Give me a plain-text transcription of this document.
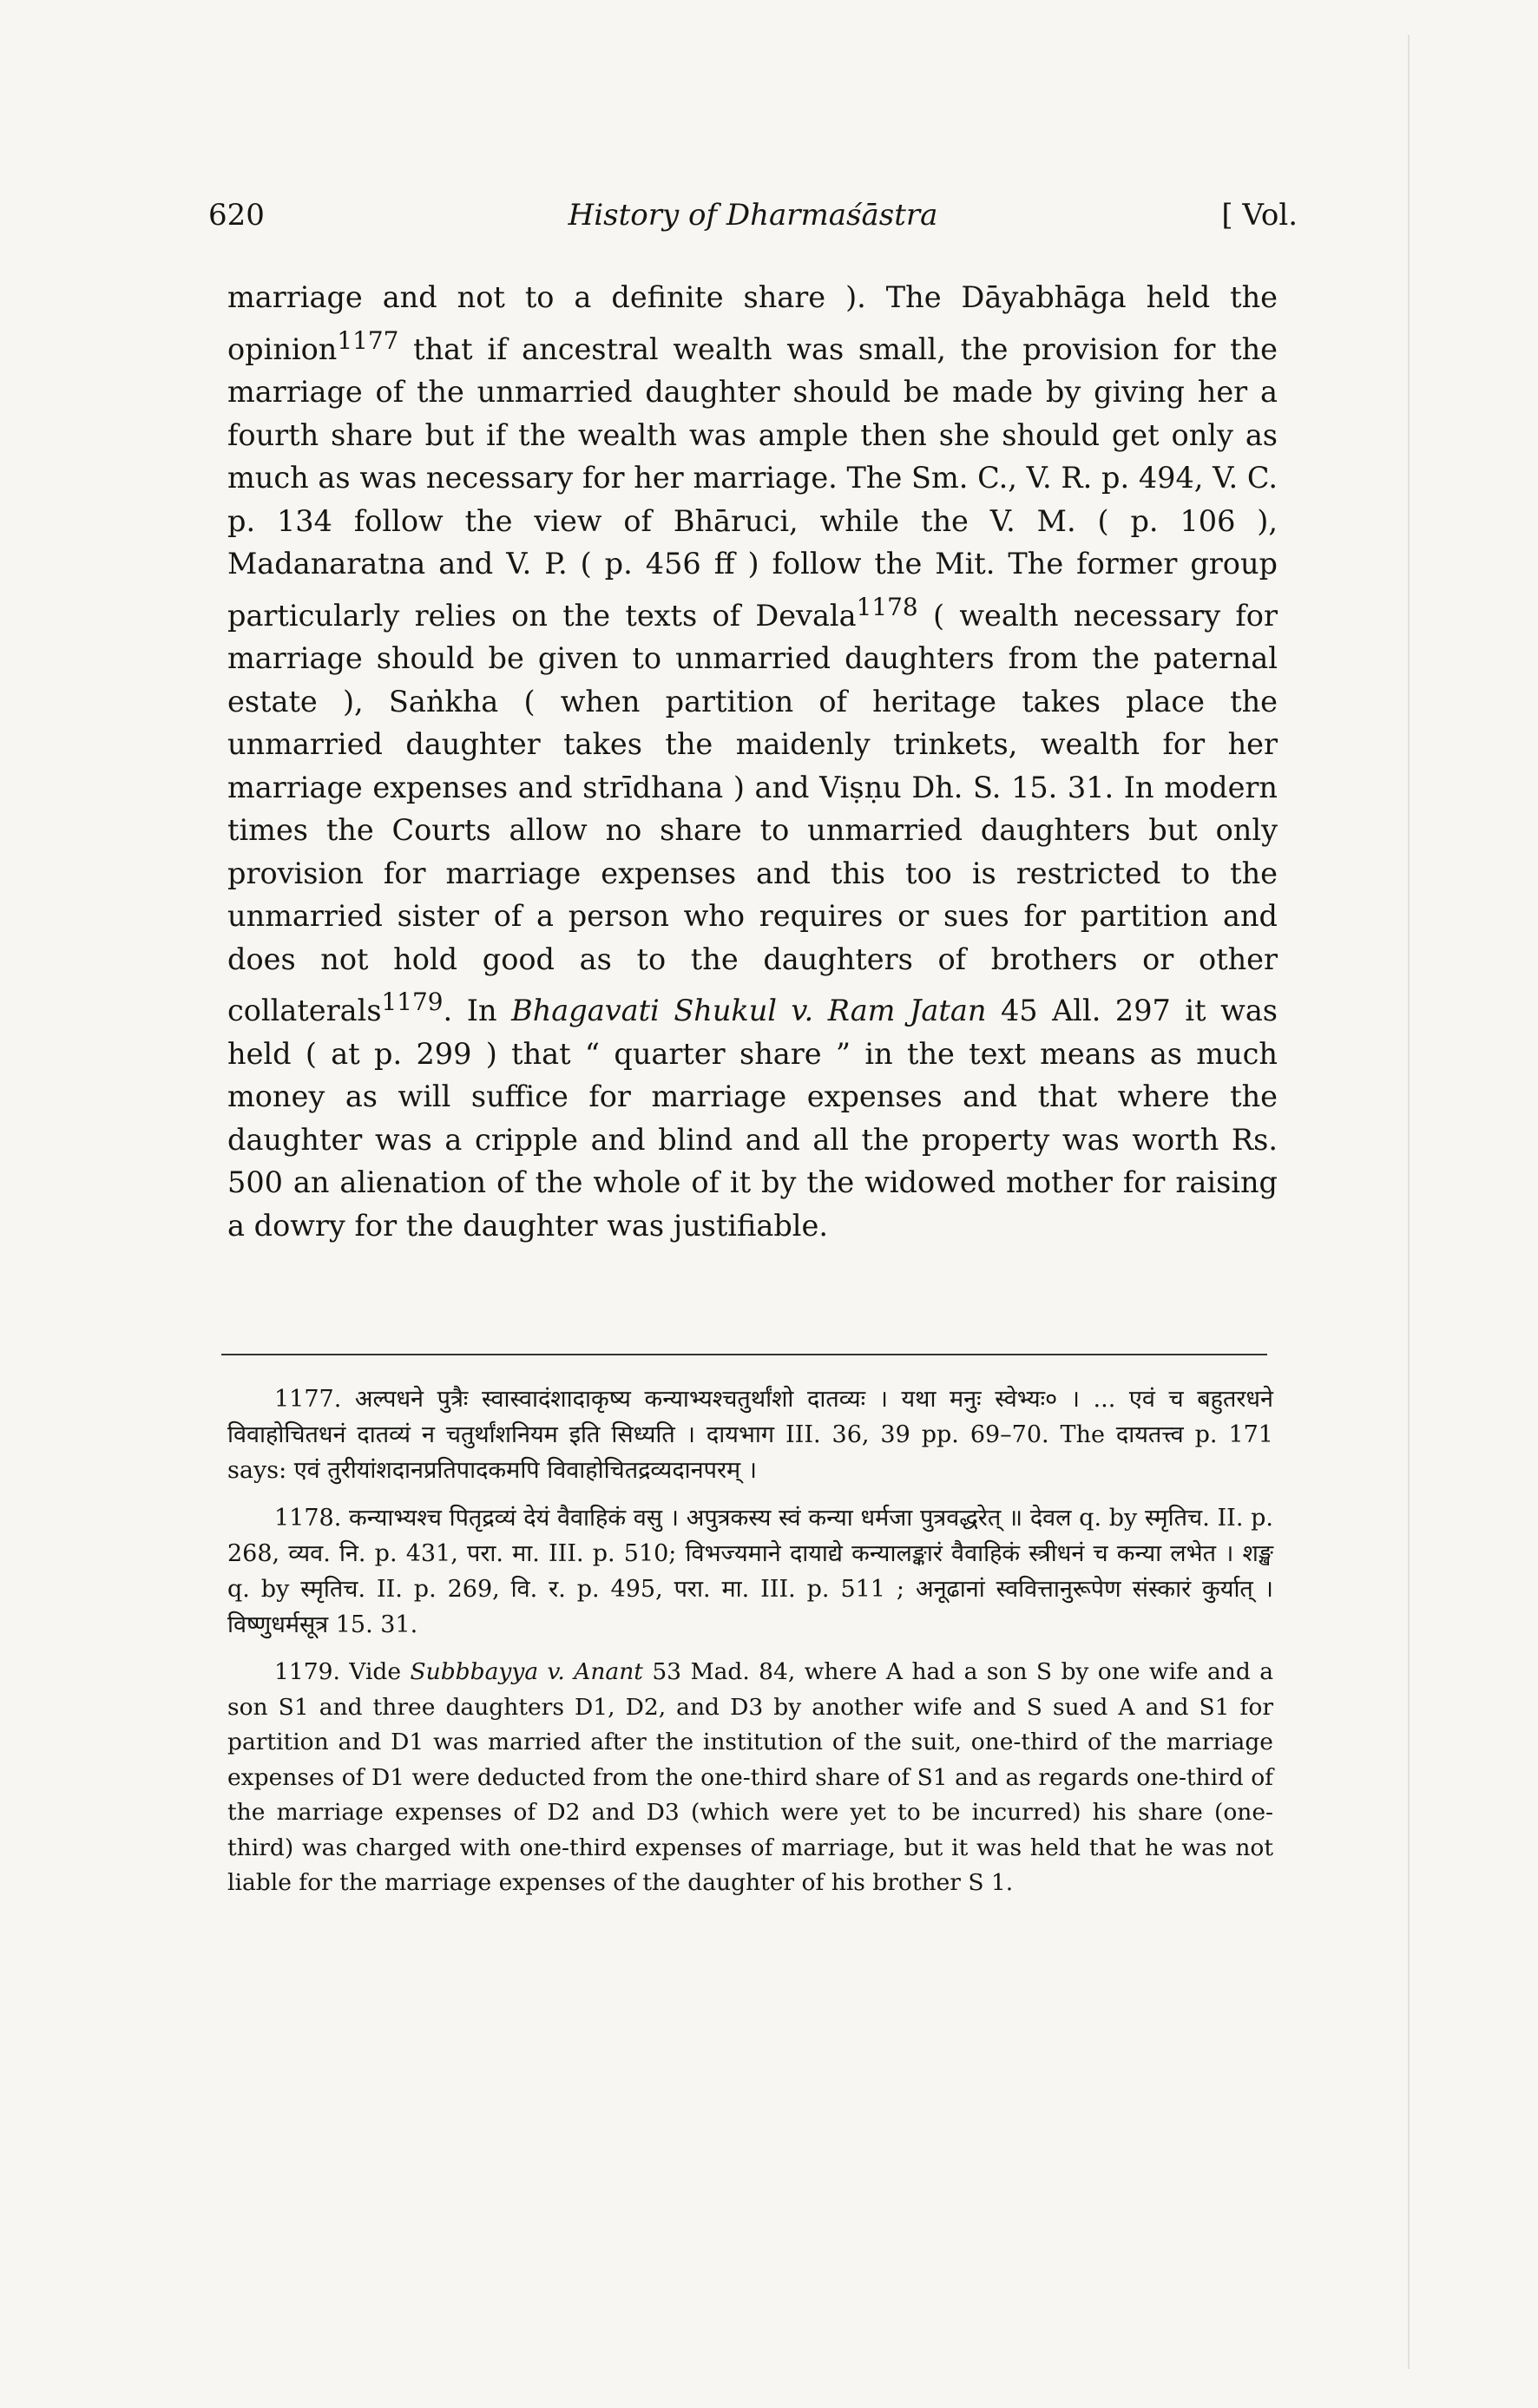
620	History of Dharmaśāstra	[ Vol.

marriage and not to a definite share ). The Dāyabhāga held the opinion$^{1177}$ that if ancestral wealth was small, the provision for the marriage of the unmarried daughter should be made by giving her a fourth share but if the wealth was ample then she should get only as much as was necessary for her marriage. The Sm. C., V. R. p. 494, V. C. p. 134 follow the view of Bhāruci, while the V. M. ( p. 106 ), Madanaratna and V. P. ( p. 456 ff ) follow the Mit. The former group particularly relies on the texts of Devala$^{1178}$ ( wealth necessary for marriage should be given to unmarried daughters from the paternal estate ), Saṅkha ( when partition of heritage takes place the unmarried daughter takes the maidenly trinkets, wealth for her marriage expenses and strīdhana ) and Viṣṇu Dh. S. 15. 31. In modern times the Courts allow no share to unmarried daughters but only provision for marriage expenses and this too is restricted to the unmarried sister of a person who requires or sues for partition and does not hold good as to the daughters of brothers or other collaterals$^{1179}$. In Bhagavati Shukul v. Ram Jatan 45 All. 297 it was held ( at p. 299 ) that “ quarter share ” in the text means as much money as will suffice for marriage expenses and that where the daughter was a cripple and blind and all the property was worth Rs. 500 an alienation of the whole of it by the widowed mother for raising a dowry for the daughter was justifiable.

1177. अल्पधने पुत्रैः स्वास्वादंशादाकृष्य कन्याभ्यश्चतुर्थांशो दातव्यः । यथा मनुः स्वेभ्यः० । ... एवं च बहुतरधने विवाहोचितधनं दातव्यं न चतुर्थांशनियम इति सिध्यति । दायभाग III. 36, 39 pp. 69–70. The दायतत्त्व p. 171 says: एवं तुरीयांशदानप्रतिपादकमपि विवाहोचितद्रव्यदानपरम् ।

1178. कन्याभ्यश्च पितृद्रव्यं देयं वैवाहिकं वसु । अपुत्रकस्य स्वं कन्या धर्मजा पुत्रवद्धरेत् ॥ देवल q. by स्मृतिच. II. p. 268, व्यव. नि. p. 431, परा. मा. III. p. 510; विभज्यमाने दायाद्ये कन्यालङ्कारं वैवाहिकं स्त्रीधनं च कन्या लभेत । शङ्ख q. by स्मृतिच. II. p. 269, वि. र. p. 495, परा. मा. III. p. 511 ; अनूढानां स्ववित्तानुरूपेण संस्कारं कुर्यात् । विष्णुधर्मसूत्र 15. 31.

1179. Vide Subbbayya v. Anant 53 Mad. 84, where A had a son S by one wife and a son S1 and three daughters D1, D2, and D3 by another wife and S sued A and S1 for partition and D1 was married after the institution of the suit, one-third of the marriage expenses of D1 were deducted from the one-third share of S1 and as regards one-third of the marriage expenses of D2 and D3 (which were yet to be incurred) his share (one-third) was charged with one-third expenses of marriage, but it was held that he was not liable for the marriage expenses of the daughter of his brother S 1.
